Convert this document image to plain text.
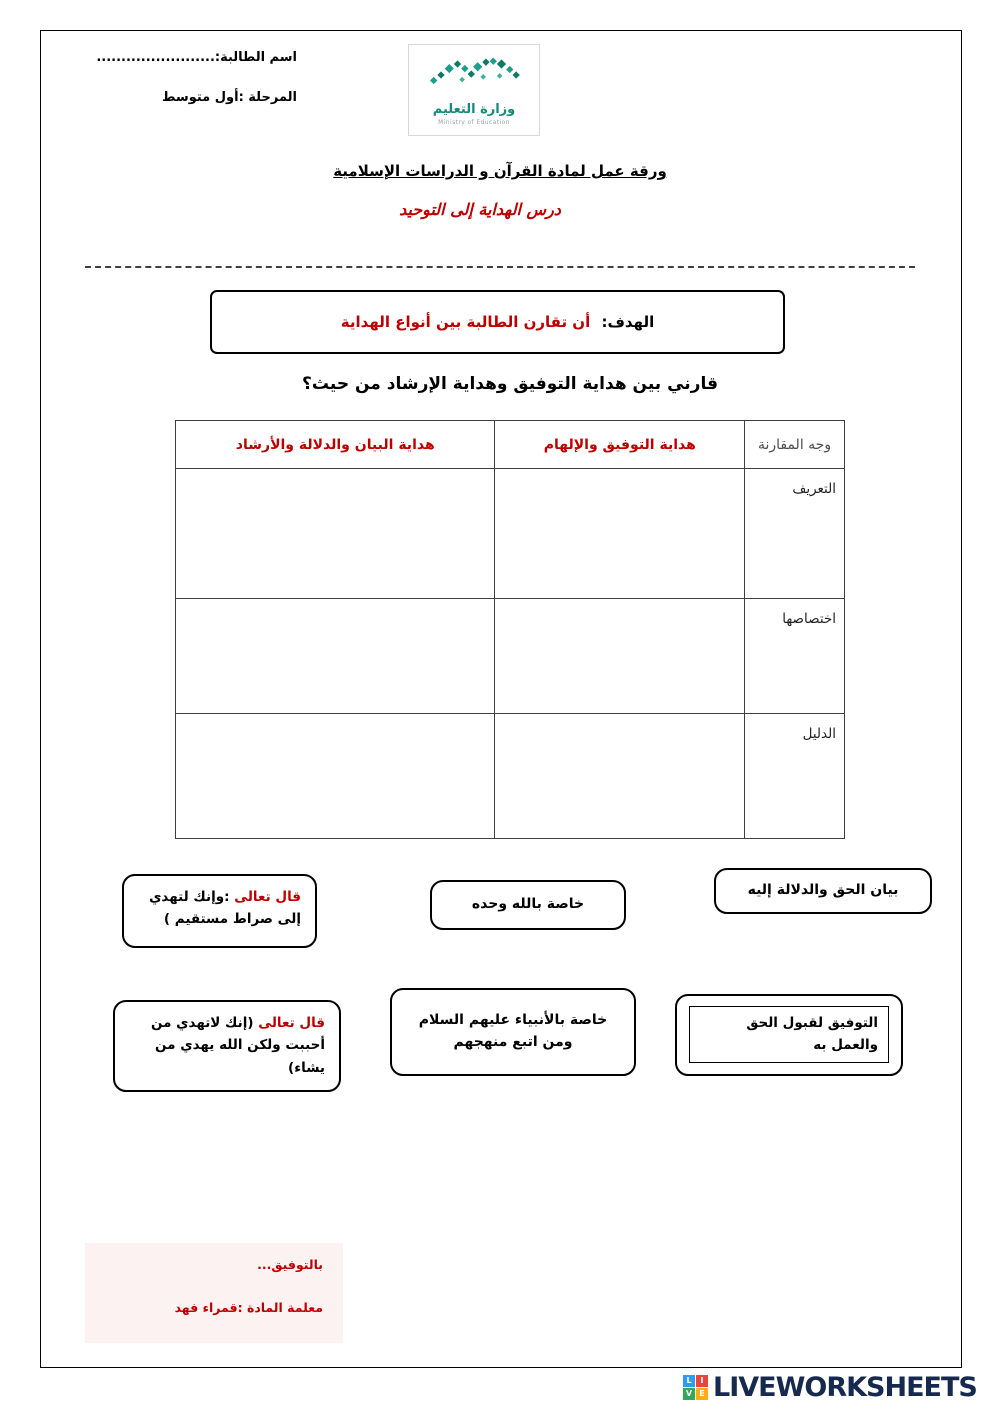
اسم الطالبة:........................
المرحلة :أول متوسط
وزارة التعليم
Ministry of Education
ورقة عمل لمادة القرآن و الدراسات الإسلامية
درس الهداية إلى التوحيد
الهدف: أن تقارن الطالبة بين أنواع الهداية
قارني بين هداية التوفيق وهداية الإرشاد من حيث؟
وجه المقارنة	هداية التوفيق والإلهام	هداية البيان والدلالة والأرشاد
التعريف		
اختصاصها		
الدليل		
قال تعالى :وإنك لتهدي إلى صراط مستقيم )
خاصة بالله وحده
بيان الحق والدلالة إليه
قال تعالى (إنك لاتهدي من أحببت ولكن الله يهدي من يشاء)
خاصة بالأنبياء عليهم السلام ومن اتبع منهجهم
التوفيق لقبول الحق والعمل به
بالتوفيق...
معلمة المادة :قمراء فهد
L	I
V E LIVEWORKSHEETS
